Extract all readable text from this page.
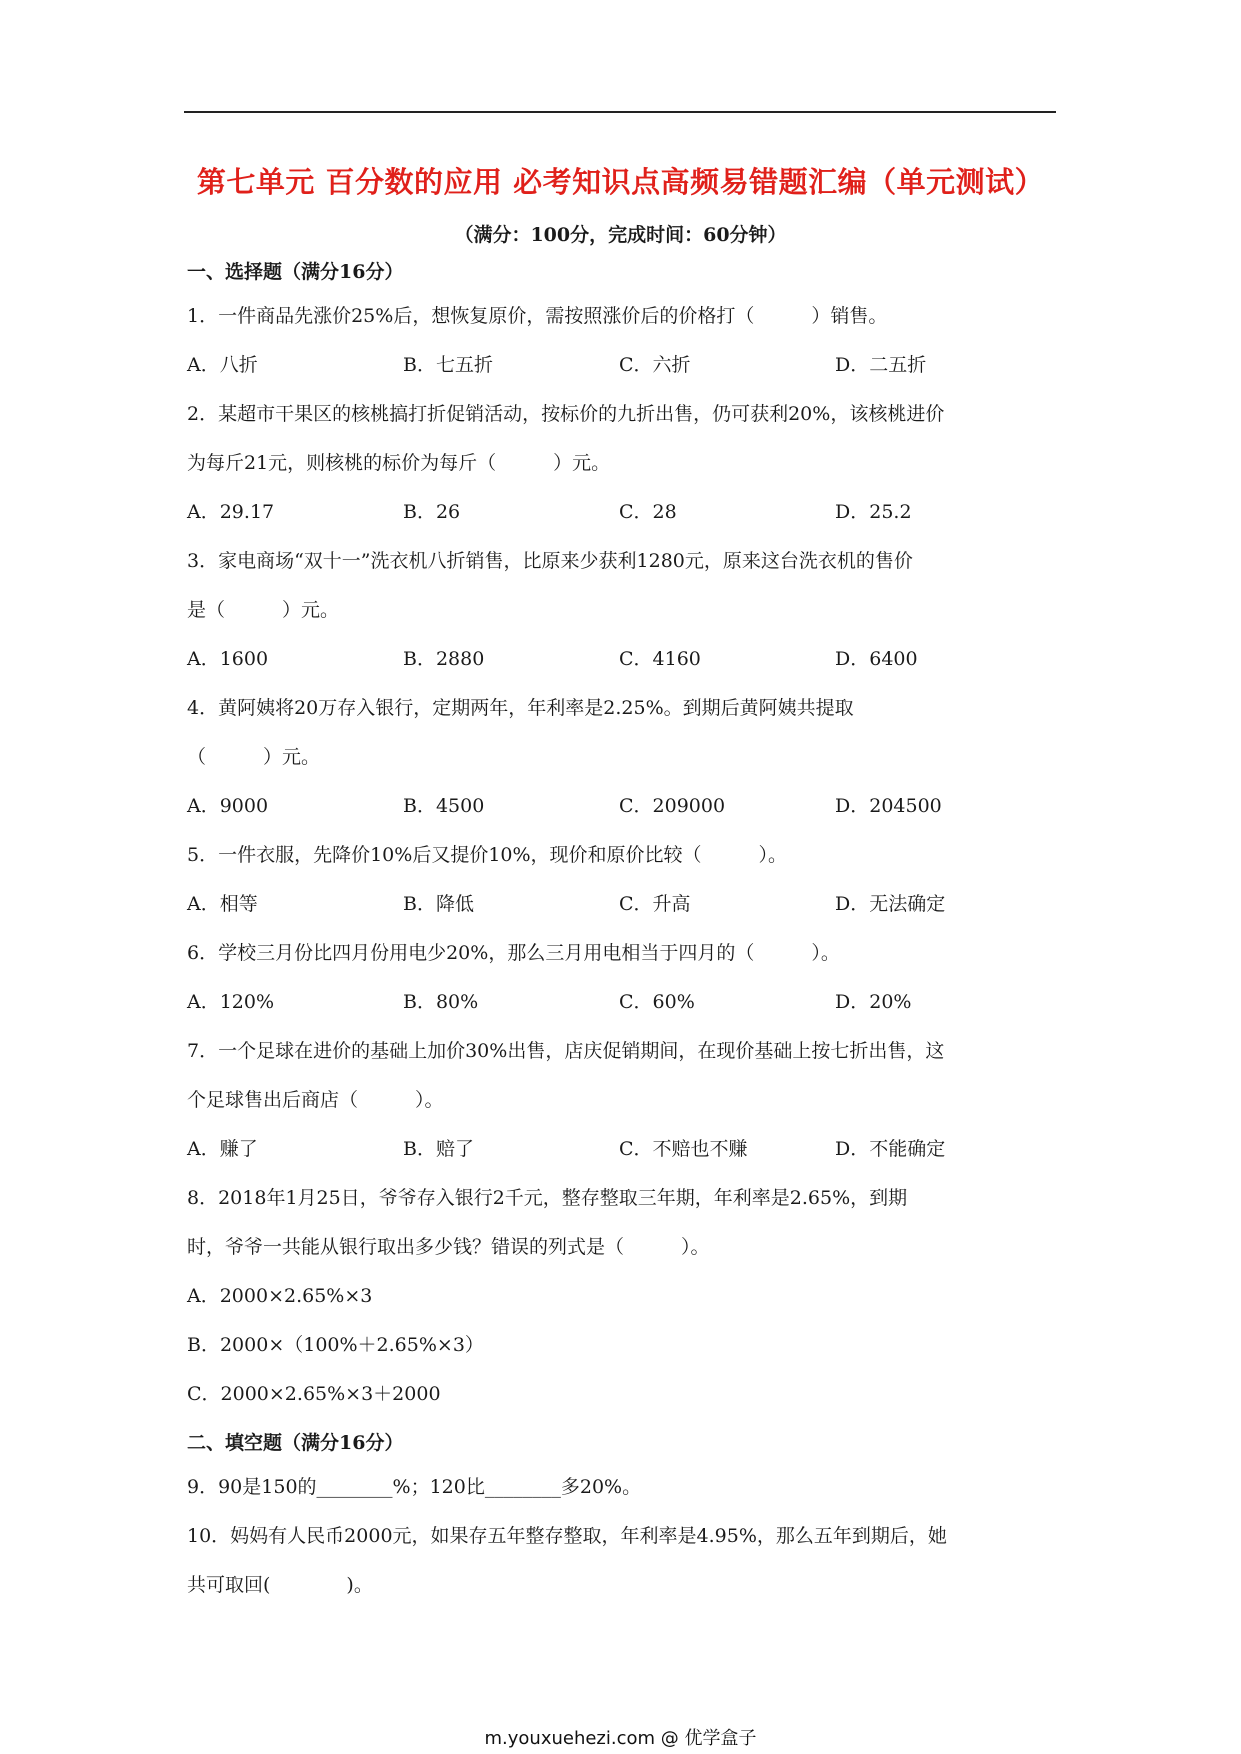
第七单元 百分数的应用 必考知识点高频易错题汇编（单元测试）
（满分：100分，完成时间：60分钟）
一、选择题（满分16分）
1．一件商品先涨价25%后，想恢复原价，需按照涨价后的价格打（　　　）销售。
A．八折	B．七五折	C．六折	D．二五折
2．某超市干果区的核桃搞打折促销活动，按标价的九折出售，仍可获利20%，该核桃进价
为每斤21元，则核桃的标价为每斤（　　　）元。
A．29.17	B．26	C．28	D．25.2
3．家电商场“双十一”洗衣机八折销售，比原来少获利1280元，原来这台洗衣机的售价
是（　　　）元。
A．1600	B．2880	C．4160	D．6400
4．黄阿姨将20万存入银行，定期两年，年利率是2.25%。到期后黄阿姨共提取
（　　　）元。
A．9000	B．4500	C．209000	D．204500
5．一件衣服，先降价10%后又提价10%，现价和原价比较（　　　）。
A．相等	B．降低	C．升高	D．无法确定
6．学校三月份比四月份用电少20%，那么三月用电相当于四月的（　　　）。
A．120%	B．80%	C．60%	D．20%
7．一个足球在进价的基础上加价30%出售，店庆促销期间，在现价基础上按七折出售，这
个足球售出后商店（　　　）。
A．赚了	B．赔了	C．不赔也不赚	D．不能确定
8．2018年1月25日，爷爷存入银行2千元，整存整取三年期，年利率是2.65%，到期
时，爷爷一共能从银行取出多少钱？错误的列式是（　　　）。
A．2000×2.65%×3
B．2000×（100%＋2.65%×3）
C．2000×2.65%×3＋2000
二、填空题（满分16分）
9．90是150的________%；120比________多20%。
10．妈妈有人民币2000元，如果存五年整存整取，年利率是4.95%，那么五年到期后，她
共可取回(　　　　)。
m.youxuehezi.com @ 优学盒子
